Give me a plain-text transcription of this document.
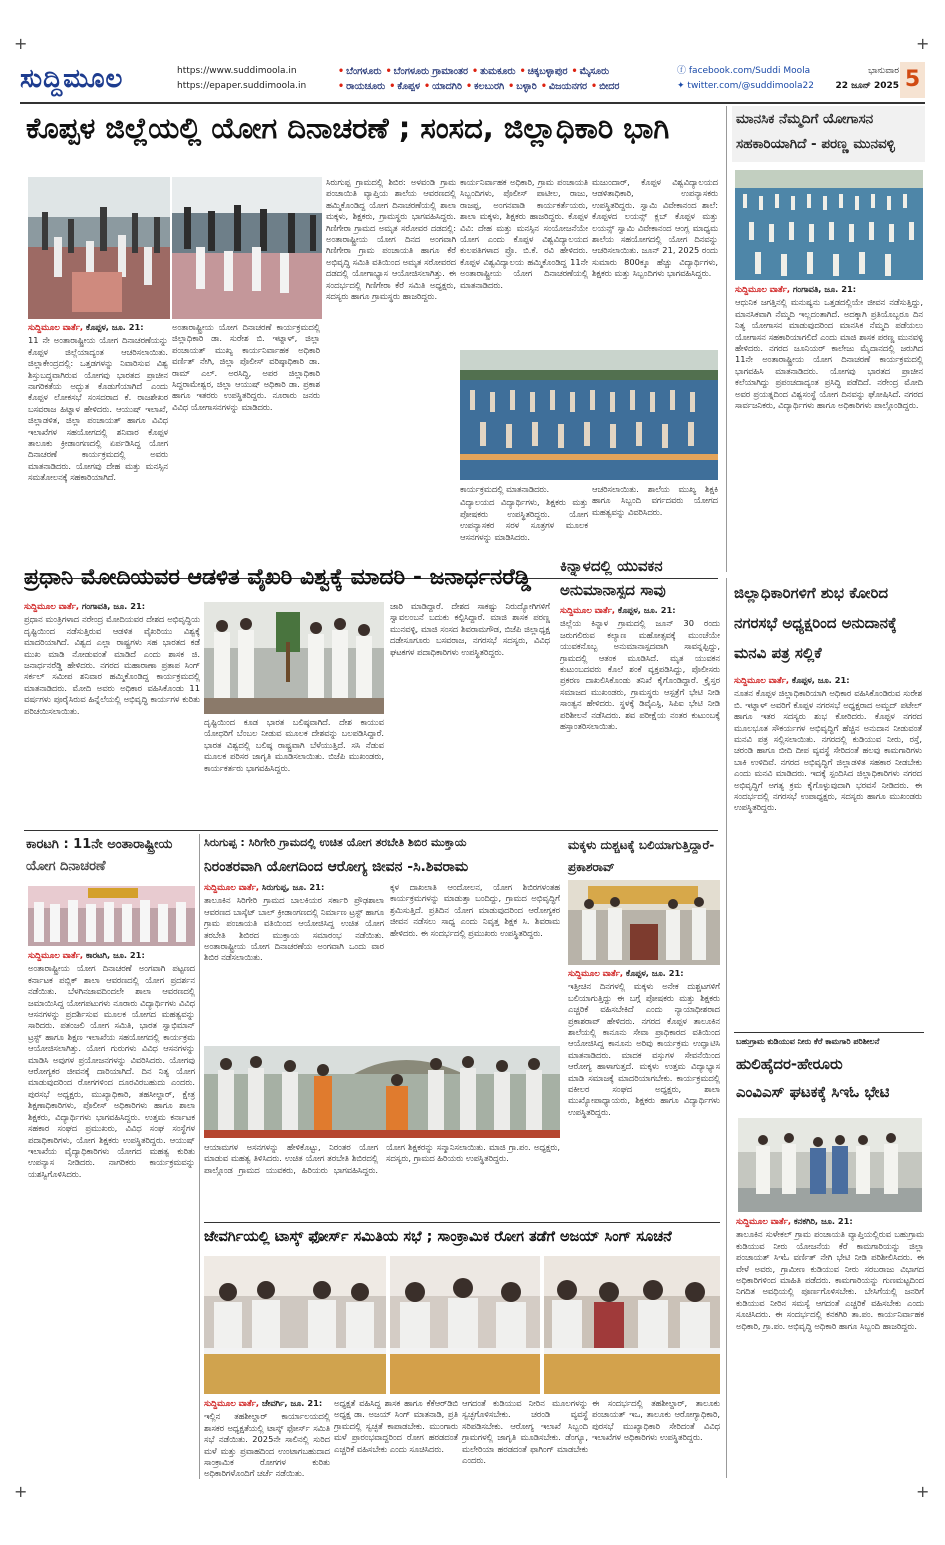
+	+
+	+
ಸುದ್ದಿಮೂಲ	https://www.suddimoola.in
https://epaper.suddimoola.in
• ಬೆಂಗಳೂರು • ಬೆಂಗಳೂರು ಗ್ರಾಮಾಂತರ • ತುಮಕೂರು • ಚಿಕ್ಕಬಳ್ಳಾಪುರ • ಮೈಸೂರು
• ರಾಯಚೂರು • ಕೊಪ್ಪಳ • ಯಾದಗಿರಿ • ಕಲಬುರಗಿ • ಬಳ್ಳಾರಿ • ವಿಜಯನಗರ • ಬೀದರ
ⓕ facebook.com/Suddi Moola
✦ twitter.com/@suddimoola22
ಭಾನುವಾರ
22 ಜೂನ್ 2025 5
ಕೊಪ್ಪಳ ಜಿಲ್ಲೆಯಲ್ಲಿ ಯೋಗ ದಿನಾಚರಣೆ ; ಸಂಸದ, ಜಿಲ್ಲಾಧಿಕಾರಿ ಭಾಗಿ

ಸುದ್ದಿಮೂಲ ವಾರ್ತೆ, ಕೊಪ್ಪಳ, ಜೂ. 21:

11 ನೇ ಅಂತಾರಾಷ್ಟ್ರೀಯ ಯೋಗ ದಿನಾಚರಣೆಯನ್ನು ಕೊಪ್ಪಳ ಜಿಲ್ಲೆಯಾದ್ಯಂತ ಆಚರಿಸಲಾಯಿತು. ಜಿಲ್ಲಾಕೇಂದ್ರದಲ್ಲಿ: ಒತ್ತಡಗಳನ್ನು ನಿವಾರಿಸುವ ವಿಶ್ವ ಶಿಸ್ತುಬದ್ಧವಾಗಿರುವ ಯೋಗವು ಭಾರತದ ಪ್ರಾಚೀನ ನಾಗರಿಕತೆಯ ಅದ್ಭುತ ಕೊಡುಗೆಯಾಗಿದೆ ಎಂದು ಕೊಪ್ಪಳ ಲೋಕಸಭೆ ಸಂಸದರಾದ ಕೆ. ರಾಜಶೇಖರ ಬಸವರಾಜ ಹಿಟ್ನಾಳ ಹೇಳಿದರು. ಆಯುಷ್ ಇಲಾಖೆ, ಜಿಲ್ಲಾಡಳಿತ, ಜಿಲ್ಲಾ ಪಂಚಾಯತ್ ಹಾಗೂ ವಿವಿಧ ಇಲಾಖೆಗಳ ಸಹಯೋಗದಲ್ಲಿ ಶನಿವಾರ ಕೊಪ್ಪಳ ತಾಲೂಕು ಕ್ರೀಡಾಂಗಣದಲ್ಲಿ ಏರ್ಪಡಿಸಿದ್ದ ಯೋಗ ದಿನಾಚರಣೆ ಕಾರ್ಯಕ್ರಮದಲ್ಲಿ ಅವರು ಮಾತನಾಡಿದರು. ಯೋಗವು ದೇಹ ಮತ್ತು ಮನಸ್ಸಿನ ಸಮತೋಲನಕ್ಕೆ ಸಹಕಾರಿಯಾಗಿದೆ.

ಅಂತಾರಾಷ್ಟ್ರೀಯ ಯೋಗ ದಿನಾಚರಣೆ ಕಾರ್ಯಕ್ರಮದಲ್ಲಿ ಜಿಲ್ಲಾಧಿಕಾರಿ ಡಾ. ಸುರೇಶ ಬಿ. ಇಟ್ನಾಳ್, ಜಿಲ್ಲಾ ಪಂಚಾಯತ್ ಮುಖ್ಯ ಕಾರ್ಯನಿರ್ವಾಹಕ ಅಧಿಕಾರಿ ವರ್ಣಿತ್ ನೇಗಿ, ಜಿಲ್ಲಾ ಪೊಲೀಸ್ ವರಿಷ್ಠಾಧಿಕಾರಿ ಡಾ. ರಾಮ್ ಎಲ್. ಅರಸಿದ್ಧಿ, ಅಪರ ಜಿಲ್ಲಾಧಿಕಾರಿ ಸಿದ್ದರಾಮೇಶ್ವರ, ಜಿಲ್ಲಾ ಆಯುಷ್ ಅಧಿಕಾರಿ ಡಾ. ಪ್ರಕಾಶ ಹಾಗೂ ಇತರರು ಉಪಸ್ಥಿತರಿದ್ದರು. ನೂರಾರು ಜನರು ವಿವಿಧ ಯೋಗಾಸನಗಳನ್ನು ಮಾಡಿದರು.

ಸಿರುಗುಪ್ಪ ಗ್ರಾಮದಲ್ಲಿ ಶಿಬಿರ: ಅಳವಂಡಿ ಗ್ರಾಮ ಪಂಚಾಯಿತಿ ವ್ಯಾಪ್ತಿಯ ಶಾಲೆಯ ಆವರಣದಲ್ಲಿ ಹಮ್ಮಿಕೊಂಡಿದ್ದ ಯೋಗ ದಿನಾಚರಣೆಯಲ್ಲಿ ಶಾಲಾ ಮಕ್ಕಳು, ಶಿಕ್ಷಕರು, ಗ್ರಾಮಸ್ಥರು ಭಾಗವಹಿಸಿದ್ದರು. ಗಿಣಿಗೇರಾ ಗ್ರಾಮದ ಅಮೃತ ಸರೋವರ ದಡದಲ್ಲಿ: ಅಂತಾರಾಷ್ಟ್ರೀಯ ಯೋಗ ದಿನದ ಅಂಗವಾಗಿ ಗಿಣಿಗೇರಾ ಗ್ರಾಮ ಪಂಚಾಯತಿ ಹಾಗೂ ಕೆರೆ ಅಭಿವೃದ್ಧಿ ಸಮಿತಿ ವತಿಯಿಂದ ಅಮೃತ ಸರೋವರದ ದಡದಲ್ಲಿ ಯೋಗಾಭ್ಯಾಸ ಆಯೋಜಿಸಲಾಗಿತ್ತು. ಈ ಸಂದರ್ಭದಲ್ಲಿ ಗಿಣಿಗೇರಾ ಕೆರೆ ಸಮಿತಿ ಅಧ್ಯಕ್ಷರು, ಸದಸ್ಯರು ಹಾಗೂ ಗ್ರಾಮಸ್ಥರು ಹಾಜರಿದ್ದರು.

ಕಾರ್ಯನಿರ್ವಾಹಕ ಅಧಿಕಾರಿ, ಗ್ರಾಮ ಪಂಚಾಯತಿ ಸಿಬ್ಬಂದಿಗಳು, ಪೊಲೀಸ್ ಪಾಟೀಲ, ರಾಜು, ರಾಜಪ್ಪ, ಅಂಗನವಾಡಿ ಕಾರ್ಯಕರ್ತೆಯರು, ಶಾಲಾ ಮಕ್ಕಳು, ಶಿಕ್ಷಕರು ಹಾಜರಿದ್ದರು. ಕೊಪ್ಪಳ ವಿವಿ: ದೇಹ ಮತ್ತು ಮನಸ್ಸಿನ ಸಂಯೋಜನೆಯೇ ಯೋಗ ಎಂದು ಕೊಪ್ಪಳ ವಿಶ್ವವಿದ್ಯಾಲಯದ ಕುಲಪತಿಗಳಾದ ಪ್ರೊ. ಬಿ.ಕೆ. ರವಿ ಹೇಳಿದರು. ಕೊಪ್ಪಳ ವಿಶ್ವವಿದ್ಯಾಲಯ ಹಮ್ಮಿಕೊಂಡಿದ್ದ 11ನೇ ಅಂತಾರಾಷ್ಟ್ರೀಯ ಯೋಗ ದಿನಾಚರಣೆಯಲ್ಲಿ ಮಾತನಾಡಿದರು.

ಮಜುಂದಾರ್, ಕೊಪ್ಪಳ ವಿಶ್ವವಿದ್ಯಾಲಯದ ಆಡಳಿತಾಧಿಕಾರಿ, ಉಪನ್ಯಾಸಕರು ಉಪಸ್ಥಿತರಿದ್ದರು. ಸ್ವಾಮಿ ವಿವೇಕಾನಂದ ಶಾಲೆ: ಕೊಪ್ಪಳದ ಲಯನ್ಸ್ ಕ್ಲಬ್ ಕೊಪ್ಪಳ ಮತ್ತು ಲಯನ್ಸ್ ಸ್ವಾಮಿ ವಿವೇಕಾನಂದ ಆಂಗ್ಲ ಮಾಧ್ಯಮ ಶಾಲೆಯ ಸಹಯೋಗದಲ್ಲಿ ಯೋಗ ದಿನವನ್ನು ಆಚರಿಸಲಾಯಿತು. ಜೂನ್ 21, 2025 ರಂದು ಸುಮಾರು 800ಕ್ಕೂ ಹೆಚ್ಚು ವಿದ್ಯಾರ್ಥಿಗಳು, ಶಿಕ್ಷಕರು ಮತ್ತು ಸಿಬ್ಬಂದಿಗಳು ಭಾಗವಹಿಸಿದ್ದರು.

ಕಾರ್ಯಕ್ರಮದಲ್ಲಿ ಮಾತನಾಡಿದರು.

ವಿದ್ಯಾಲಯದ ವಿದ್ಯಾರ್ಥಿಗಳು, ಶಿಕ್ಷಕರು ಮತ್ತು ಪೋಷಕರು ಉಪಸ್ಥಿತರಿದ್ದರು. ಯೋಗ ಉಪನ್ಯಾಸಕರ ಸರಳ ಸೂತ್ರಗಳ ಮೂಲಕ ಆಸನಗಳನ್ನು ಮಾಡಿಸಿದರು.

ಆಚರಿಸಲಾಯಿತು. ಶಾಲೆಯ ಮುಖ್ಯ ಶಿಕ್ಷಕಿ ಹಾಗೂ ಸಿಬ್ಬಂದಿ ವರ್ಗದವರು ಯೋಗದ ಮಹತ್ವವನ್ನು ವಿವರಿಸಿದರು.

ಮಾನಸಿಕ ನೆಮ್ಮದಿಗೆ ಯೋಗಾಸನ ಸಹಕಾರಿಯಾಗಿದೆ - ಪರಣ್ಣ ಮುನವಳ್ಳಿ

ಸುದ್ದಿಮೂಲ ವಾರ್ತೆ, ಗಂಗಾವತಿ, ಜೂ. 21:

ಆಧುನಿಕ ಜಗತ್ತಿನಲ್ಲಿ ಮನುಷ್ಯನು ಒತ್ತಡದಲ್ಲಿಯೇ ಜೀವನ ನಡೆಸುತ್ತಿದ್ದು, ಮಾನಸಿಕವಾಗಿ ನೆಮ್ಮದಿ ಇಲ್ಲದಂತಾಗಿದೆ. ಅದಕ್ಕಾಗಿ ಪ್ರತಿಯೊಬ್ಬರೂ ದಿನ ನಿತ್ಯ ಯೋಗಾಸನ ಮಾಡುವುದರಿಂದ ಮಾನಸಿಕ ನೆಮ್ಮದಿ ಪಡೆಯಲು ಯೋಗಾಸನ ಸಹಕಾರಿಯಾಗಲಿದೆ ಎಂದು ಮಾಜಿ ಶಾಸಕ ಪರಣ್ಣ ಮುನವಳ್ಳಿ ಹೇಳಿದರು. ನಗರದ ಜೂನಿಯರ್ ಕಾಲೇಜು ಮೈದಾನದಲ್ಲಿ ಜರುಗಿದ 11ನೇ ಅಂತಾರಾಷ್ಟ್ರೀಯ ಯೋಗ ದಿನಾಚರಣೆ ಕಾರ್ಯಕ್ರಮದಲ್ಲಿ ಭಾಗವಹಿಸಿ ಮಾತನಾಡಿದರು. ಯೋಗವು ಭಾರತದ ಪ್ರಾಚೀನ ಕಲೆಯಾಗಿದ್ದು ಪ್ರಪಂಚದಾದ್ಯಂತ ಪ್ರಸಿದ್ಧಿ ಪಡೆದಿದೆ. ನರೇಂದ್ರ ಮೋದಿ ಅವರ ಪ್ರಯತ್ನದಿಂದ ವಿಶ್ವಸಂಸ್ಥೆ ಯೋಗ ದಿನವನ್ನು ಘೋಷಿಸಿದೆ. ನಗರದ ಸಾರ್ವಜನಿಕರು, ವಿದ್ಯಾರ್ಥಿಗಳು ಹಾಗೂ ಅಧಿಕಾರಿಗಳು ಪಾಲ್ಗೊಂಡಿದ್ದರು.

ಪ್ರಧಾನಿ ಮೋದಿಯವರ ಆಡಳಿತ ವೈಖರಿ ವಿಶ್ವಕ್ಕೆ ಮಾದರಿ - ಜನಾರ್ಧನರೆಡ್ಡಿ

ಸುದ್ದಿಮೂಲ ವಾರ್ತೆ, ಗಂಗಾವತಿ, ಜೂ. 21:

ಪ್ರಧಾನ ಮಂತ್ರಿಗಳಾದ ನರೇಂದ್ರ ಮೋದಿಯವರ ದೇಶದ ಅಭಿವೃದ್ಧಿಯ ದೃಷ್ಟಿಯಿಂದ ನಡೆಸುತ್ತಿರುವ ಆಡಳಿತ ವೈಖರಿಯು ವಿಶ್ವಕ್ಕೆ ಮಾದರಿಯಾಗಿದೆ. ವಿಶ್ವದ ಎಲ್ಲಾ ರಾಷ್ಟ್ರಗಳು ಸಹ ಭಾರತದ ಕಡೆ ಮುಖ ಮಾಡಿ ನೋಡುವಂತೆ ಮಾಡಿದೆ ಎಂದು ಶಾಸಕ ಜಿ. ಜನಾರ್ಧನರೆಡ್ಡಿ ಹೇಳಿದರು. ನಗರದ ಮಹಾರಾಣಾ ಪ್ರತಾಪ ಸಿಂಗ್ ಸರ್ಕಲ್ ಸಮೀಪ ಶನಿವಾರ ಹಮ್ಮಿಕೊಂಡಿದ್ದ ಕಾರ್ಯಕ್ರಮದಲ್ಲಿ ಮಾತನಾಡಿದರು. ಮೋದಿ ಅವರು ಅಧಿಕಾರ ವಹಿಸಿಕೊಂಡು 11 ವರ್ಷಗಳು ಪೂರೈಸಿರುವ ಹಿನ್ನೆಲೆಯಲ್ಲಿ ಅಭಿವೃದ್ಧಿ ಕಾರ್ಯಗಳ ಕುರಿತು ಪರಿಚಯಿಸಲಾಯಿತು.

ದೃಷ್ಟಿಯಿಂದ ಕೂಡ ಭಾರತ ಬಲಿಷ್ಠವಾಗಿದೆ. ದೇಶ ಕಾಯುವ ಯೋಧರಿಗೆ ಬೆಂಬಲ ನೀಡುವ ಮೂಲಕ ದೇಶವನ್ನು ಬಲಪಡಿಸಿದ್ದಾರೆ. ಭಾರತ ವಿಶ್ವದಲ್ಲಿ ಬಲಿಷ್ಠ ರಾಷ್ಟ್ರವಾಗಿ ಬೆಳೆಯುತ್ತಿದೆ. ಸಸಿ ನೆಡುವ ಮೂಲಕ ಪರಿಸರ ಜಾಗೃತಿ ಮೂಡಿಸಲಾಯಿತು. ಬಿಜೆಪಿ ಮುಖಂಡರು, ಕಾರ್ಯಕರ್ತರು ಭಾಗವಹಿಸಿದ್ದರು.

ಜಾರಿ ಮಾಡಿದ್ದಾರೆ. ದೇಶದ ಸಾಕಷ್ಟು ನಿರುದ್ಯೋಗಿಗಳಿಗೆ ಸ್ವಾವಲಂಬನೆ ಬದುಕು ಕಲ್ಪಿಸಿದ್ದಾರೆ. ಮಾಜಿ ಶಾಸಕ ಪರಣ್ಣ ಮುನವಳ್ಳಿ, ಮಾಜಿ ಸಂಸದ ಶಿವರಾಮಗೌಡ, ಬಿಜೆಪಿ ಜಿಲ್ಲಾಧ್ಯಕ್ಷ ದಡೇಸೂಗೂರು ಬಸವರಾಜ, ನಗರಸಭೆ ಸದಸ್ಯರು, ವಿವಿಧ ಘಟಕಗಳ ಪದಾಧಿಕಾರಿಗಳು ಉಪಸ್ಥಿತರಿದ್ದರು.

ಕಿನ್ನಾಳದಲ್ಲಿ ಯುವಕನ ಅನುಮಾನಾಸ್ಪದ ಸಾವು

ಸುದ್ದಿಮೂಲ ವಾರ್ತೆ, ಕೊಪ್ಪಳ, ಜೂ. 21:

ಜಿಲ್ಲೆಯ ಕಿನ್ನಾಳ ಗ್ರಾಮದಲ್ಲಿ ಜೂನ್ 30 ರಂದು ಜರುಗಲಿರುವ ಕಲ್ಯಾಣ ಮಹೋತ್ಸವಕ್ಕೆ ಮುಂಚೆಯೇ ಯುವಕನೊಬ್ಬ ಅನುಮಾನಾಸ್ಪದವಾಗಿ ಸಾವನ್ನಪ್ಪಿದ್ದು, ಗ್ರಾಮದಲ್ಲಿ ಆತಂಕ ಮೂಡಿಸಿದೆ. ಮೃತ ಯುವಕನ ಕುಟುಂಬದವರು ಕೊಲೆ ಶಂಕೆ ವ್ಯಕ್ತಪಡಿಸಿದ್ದು, ಪೊಲೀಸರು ಪ್ರಕರಣ ದಾಖಲಿಸಿಕೊಂಡು ತನಿಖೆ ಕೈಗೊಂಡಿದ್ದಾರೆ. ಕ್ರೈಸ್ತರ ಸಮಾಜದ ಮುಖಂಡರು, ಗ್ರಾಮಸ್ಥರು ಆಸ್ಪತ್ರೆಗೆ ಭೇಟಿ ನೀಡಿ ಸಾಂತ್ವನ ಹೇಳಿದರು. ಸ್ಥಳಕ್ಕೆ ಡಿವೈಎಸ್ಪಿ, ಸಿಪಿಐ ಭೇಟಿ ನೀಡಿ ಪರಿಶೀಲನೆ ನಡೆಸಿದರು. ಶವ ಪರೀಕ್ಷೆಯ ನಂತರ ಕುಟುಂಬಕ್ಕೆ ಹಸ್ತಾಂತರಿಸಲಾಯಿತು.

ಜಿಲ್ಲಾಧಿಕಾರಿಗಳಿಗೆ ಶುಭ ಕೋರಿದ ನಗರಸಭೆ ಅಧ್ಯಕ್ಷರಿಂದ ಅನುದಾನಕ್ಕೆ ಮನವಿ ಪತ್ರ ಸಲ್ಲಿಕೆ

ಸುದ್ದಿಮೂಲ ವಾರ್ತೆ, ಕೊಪ್ಪಳ, ಜೂ. 21:

ನೂತನ ಕೊಪ್ಪಳ ಜಿಲ್ಲಾಧಿಕಾರಿಯಾಗಿ ಅಧಿಕಾರ ವಹಿಸಿಕೊಂಡಿರುವ ಸುರೇಶ ಬಿ. ಇಟ್ನಾಳ್ ಅವರಿಗೆ ಕೊಪ್ಪಳ ನಗರಸಭೆ ಅಧ್ಯಕ್ಷರಾದ ಅಮ್ಜದ್ ಪಟೇಲ್ ಹಾಗೂ ಇತರ ಸದಸ್ಯರು ಶುಭ ಕೋರಿದರು. ಕೊಪ್ಪಳ ನಗರದ ಮೂಲಭೂತ ಸೌಕರ್ಯಗಳ ಅಭಿವೃದ್ಧಿಗೆ ಹೆಚ್ಚಿನ ಅನುದಾನ ನೀಡುವಂತೆ ಮನವಿ ಪತ್ರ ಸಲ್ಲಿಸಲಾಯಿತು. ನಗರದಲ್ಲಿ ಕುಡಿಯುವ ನೀರು, ರಸ್ತೆ, ಚರಂಡಿ ಹಾಗೂ ಬೀದಿ ದೀಪ ವ್ಯವಸ್ಥೆ ಸೇರಿದಂತೆ ಹಲವು ಕಾಮಗಾರಿಗಳು ಬಾಕಿ ಉಳಿದಿವೆ. ನಗರದ ಅಭಿವೃದ್ಧಿಗೆ ಜಿಲ್ಲಾಡಳಿತ ಸಹಕಾರ ನೀಡಬೇಕು ಎಂದು ಮನವಿ ಮಾಡಿದರು. ಇದಕ್ಕೆ ಸ್ಪಂದಿಸಿದ ಜಿಲ್ಲಾಧಿಕಾರಿಗಳು ನಗರದ ಅಭಿವೃದ್ಧಿಗೆ ಅಗತ್ಯ ಕ್ರಮ ಕೈಗೊಳ್ಳುವುದಾಗಿ ಭರವಸೆ ನೀಡಿದರು. ಈ ಸಂದರ್ಭದಲ್ಲಿ ನಗರಸಭೆ ಉಪಾಧ್ಯಕ್ಷರು, ಸದಸ್ಯರು ಹಾಗೂ ಮುಖಂಡರು ಉಪಸ್ಥಿತರಿದ್ದರು.

ಕಾರಟಗಿ : 11ನೇ ಅಂತಾರಾಷ್ಟ್ರೀಯ
ಯೋಗ ದಿನಾಚರಣೆ

ಸುದ್ದಿಮೂಲ ವಾರ್ತೆ, ಕಾರಟಗಿ, ಜೂ. 21:

ಅಂತಾರಾಷ್ಟ್ರೀಯ ಯೋಗ ದಿನಾಚರಣೆ ಅಂಗವಾಗಿ ಪಟ್ಟಣದ ಕರ್ನಾಟಕ ಪಬ್ಲಿಕ್ ಶಾಲಾ ಆವರಣದಲ್ಲಿ ಯೋಗ ಪ್ರದರ್ಶನ ನಡೆಯಿತು. ಬೆಳಗಿನಜಾವದಿಂದಲೇ ಶಾಲಾ ಆವರಣದಲ್ಲಿ ಜಮಾಯಿಸಿದ್ದ ಯೋಗಪಟುಗಳು ನೂರಾರು ವಿದ್ಯಾರ್ಥಿಗಳು ವಿವಿಧ ಆಸನಗಳನ್ನು ಪ್ರದರ್ಶಿಸುವ ಮೂಲಕ ಯೋಗದ ಮಹತ್ವವನ್ನು ಸಾರಿದರು. ಪತಂಜಲಿ ಯೋಗ ಸಮಿತಿ, ಭಾರತ ಸ್ವಾಭಿಮಾನ್ ಟ್ರಸ್ಟ್ ಹಾಗೂ ಶಿಕ್ಷಣ ಇಲಾಖೆಯ ಸಹಯೋಗದಲ್ಲಿ ಕಾರ್ಯಕ್ರಮ ಆಯೋಜಿಸಲಾಗಿತ್ತು. ಯೋಗ ಗುರುಗಳು ವಿವಿಧ ಆಸನಗಳನ್ನು ಮಾಡಿಸಿ ಅವುಗಳ ಪ್ರಯೋಜನಗಳನ್ನು ವಿವರಿಸಿದರು. ಯೋಗವು ಆರೋಗ್ಯಕರ ಜೀವನಕ್ಕೆ ದಾರಿಯಾಗಿದೆ. ದಿನ ನಿತ್ಯ ಯೋಗ ಮಾಡುವುದರಿಂದ ರೋಗಗಳಿಂದ ದೂರವಿರಬಹುದು ಎಂದರು. ಪುರಸಭೆ ಅಧ್ಯಕ್ಷರು, ಮುಖ್ಯಾಧಿಕಾರಿ, ತಹಸೀಲ್ದಾರ್, ಕ್ಷೇತ್ರ ಶಿಕ್ಷಣಾಧಿಕಾರಿಗಳು, ಪೊಲೀಸ್ ಅಧಿಕಾರಿಗಳು ಹಾಗೂ ಶಾಲಾ ಶಿಕ್ಷಕರು, ವಿದ್ಯಾರ್ಥಿಗಳು ಭಾಗವಹಿಸಿದ್ದರು. ಉತ್ತಮ ಕರ್ನಾಟಕ ಸಹಕಾರ ಸಂಘದ ಪ್ರಮುಖರು, ವಿವಿಧ ಸಂಘ ಸಂಸ್ಥೆಗಳ ಪದಾಧಿಕಾರಿಗಳು, ಯೋಗ ಶಿಕ್ಷಕರು ಉಪಸ್ಥಿತರಿದ್ದರು. ಆಯುಷ್ ಇಲಾಖೆಯ ವೈದ್ಯಾಧಿಕಾರಿಗಳು ಯೋಗದ ಮಹತ್ವ ಕುರಿತು ಉಪನ್ಯಾಸ ನೀಡಿದರು. ನಾಗರಿಕರು ಕಾರ್ಯಕ್ರಮವನ್ನು ಯಶಸ್ವಿಗೊಳಿಸಿದರು.

ಸಿರುಗುಪ್ಪ : ಸಿರಿಗೇರಿ ಗ್ರಾಮದಲ್ಲಿ ಉಚಿತ ಯೋಗ ತರಬೇತಿ ಶಿಬಿರ ಮುಕ್ತಾಯ
ನಿರಂತರವಾಗಿ ಯೋಗದಿಂದ ಆರೋಗ್ಯ ಜೀವನ -ಸಿ.ಶಿವರಾಮ

ಸುದ್ದಿಮೂಲ ವಾರ್ತೆ, ಸಿರುಗುಪ್ಪ, ಜೂ. 21:

ತಾಲೂಕಿನ ಸಿರಿಗೇರಿ ಗ್ರಾಮದ ಬಾಲಕಿಯರ ಸರ್ಕಾರಿ ಪ್ರೌಢಶಾಲಾ ಆವರಣದ ಬಾಸ್ಕೆಟ್ ಬಾಲ್ ಕ್ರೀಡಾಂಗಣದಲ್ಲಿ ನಿರ್ಮಾಣ ಟ್ರಸ್ಟ್ ಹಾಗೂ ಗ್ರಾಮ ಪಂಚಾಯತಿ ವತಿಯಿಂದ ಆಯೋಜಿಸಿದ್ದ ಉಚಿತ ಯೋಗ ತರಬೇತಿ ಶಿಬಿರದ ಮುಕ್ತಾಯ ಸಮಾರಂಭ ನಡೆಯಿತು. ಅಂತಾರಾಷ್ಟ್ರೀಯ ಯೋಗ ದಿನಾಚರಣೆಯ ಅಂಗವಾಗಿ ಒಂದು ವಾರ ಶಿಬಿರ ನಡೆಸಲಾಯಿತು.

ಕ್ಕಳ ದಾಖಲಾತಿ ಆಂದೋಲನ, ಯೋಗ ಶಿಬಿರಗಳಂತಹ ಕಾರ್ಯಕ್ರಮಗಳನ್ನು ಮಾಡುತ್ತಾ ಬಂದಿದ್ದು, ಗ್ರಾಮದ ಅಭಿವೃದ್ಧಿಗೆ ಶ್ರಮಿಸುತ್ತಿದೆ. ಪ್ರತಿದಿನ ಯೋಗ ಮಾಡುವುದರಿಂದ ಆರೋಗ್ಯಕರ ಜೀವನ ನಡೆಸಲು ಸಾಧ್ಯ ಎಂದು ನಿವೃತ್ತ ಶಿಕ್ಷಕ ಸಿ. ಶಿವರಾಮ ಹೇಳಿದರು. ಈ ಸಂದರ್ಭದಲ್ಲಿ ಪ್ರಮುಖರು ಉಪಸ್ಥಿತರಿದ್ದರು.

ಆಯಾಮಗಳ ಅಸನಗಳನ್ನು ಹೇಳಿಕೊಟ್ಟು, ನಿರಂತರ ಯೋಗ ಮಾಡುವ ಮಹತ್ವ ತಿಳಿಸಿದರು. ಉಚಿತ ಯೋಗ ತರಬೇತಿ ಶಿಬಿರದಲ್ಲಿ ಪಾಲ್ಗೊಂಡ ಗ್ರಾಮದ ಯುವಕರು, ಹಿರಿಯರು ಭಾಗವಹಿಸಿದ್ದರು. ಯೋಗ ಶಿಕ್ಷಕರನ್ನು ಸನ್ಮಾನಿಸಲಾಯಿತು. ಮಾಜಿ ಗ್ರಾ.ಪಂ. ಅಧ್ಯಕ್ಷರು, ಸದಸ್ಯರು, ಗ್ರಾಮದ ಹಿರಿಯರು ಉಪಸ್ಥಿತರಿದ್ದರು.

ಮಕ್ಕಳು ದುಶ್ಚಟಕ್ಕೆ ಬಲಿಯಾಗುತ್ತಿದ್ದಾರೆ-ಪ್ರಕಾಶರಾವ್

ಸುದ್ದಿಮೂಲ ವಾರ್ತೆ, ಕೊಪ್ಪಳ, ಜೂ. 21:

ಇತ್ತೀಚಿನ ದಿನಗಳಲ್ಲಿ ಮಕ್ಕಳು ಅನೇಕ ದುಶ್ಚಟಗಳಿಗೆ ಬಲಿಯಾಗುತ್ತಿದ್ದು ಈ ಬಗ್ಗೆ ಪೋಷಕರು ಮತ್ತು ಶಿಕ್ಷಕರು ಎಚ್ಚರಿಕೆ ವಹಿಸಬೇಕಿದೆ ಎಂದು ನ್ಯಾಯಾಧೀಶರಾದ ಪ್ರಕಾಶರಾವ್ ಹೇಳಿದರು. ನಗರದ ಕೊಪ್ಪಳ ತಾಲೂಕಿನ ಶಾಲೆಯಲ್ಲಿ ಕಾನೂನು ಸೇವಾ ಪ್ರಾಧಿಕಾರದ ವತಿಯಿಂದ ಆಯೋಜಿಸಿದ್ದ ಕಾನೂನು ಅರಿವು ಕಾರ್ಯಕ್ರಮ ಉದ್ಘಾಟಿಸಿ ಮಾತನಾಡಿದರು. ಮಾದಕ ವಸ್ತುಗಳ ಸೇವನೆಯಿಂದ ಆರೋಗ್ಯ ಹಾಳಾಗುತ್ತದೆ. ಮಕ್ಕಳು ಉತ್ತಮ ವಿದ್ಯಾಭ್ಯಾಸ ಮಾಡಿ ಸಮಾಜಕ್ಕೆ ಮಾದರಿಯಾಗಬೇಕು. ಕಾರ್ಯಕ್ರಮದಲ್ಲಿ ವಕೀಲರ ಸಂಘದ ಅಧ್ಯಕ್ಷರು, ಶಾಲಾ ಮುಖ್ಯೋಪಾಧ್ಯಾಯರು, ಶಿಕ್ಷಕರು ಹಾಗೂ ವಿದ್ಯಾರ್ಥಿಗಳು ಉಪಸ್ಥಿತರಿದ್ದರು.

ಬಹುಗ್ರಾಮ ಕುಡಿಯುವ ನೀರು ಕೆರೆ ಕಾಮಗಾರಿ ಪರಿಶೀಲನೆ
ಹುಲಿಹೈದರ-ಹೇರೂರು
ಎಂವಿಎಸ್ ಘಟಕಕ್ಕೆ ಸಿಇಓ ಭೇಟಿ

ಸುದ್ದಿಮೂಲ ವಾರ್ತೆ, ಕನಕಗಿರಿ, ಜೂ. 21:

ತಾಲೂಕಿನ ಸುಳೇಕಲ್ ಗ್ರಾಮ ಪಂಚಾಯತಿ ವ್ಯಾಪ್ತಿಯಲ್ಲಿರುವ ಬಹುಗ್ರಾಮ ಕುಡಿಯುವ ನೀರು ಯೋಜನೆಯ ಕೆರೆ ಕಾಮಗಾರಿಯನ್ನು ಜಿಲ್ಲಾ ಪಂಚಾಯತ್ ಸಿಇಓ ವರ್ಣಿತ್ ನೇಗಿ ಭೇಟಿ ನೀಡಿ ಪರಿಶೀಲಿಸಿದರು. ಈ ವೇಳೆ ಅವರು, ಗ್ರಾಮೀಣ ಕುಡಿಯುವ ನೀರು ಸರಬರಾಜು ವಿಭಾಗದ ಅಧಿಕಾರಿಗಳಿಂದ ಮಾಹಿತಿ ಪಡೆದರು. ಕಾಮಗಾರಿಯನ್ನು ಗುಣಮಟ್ಟದಿಂದ ನಿಗದಿತ ಅವಧಿಯಲ್ಲಿ ಪೂರ್ಣಗೊಳಿಸಬೇಕು. ಬೇಸಿಗೆಯಲ್ಲಿ ಜನರಿಗೆ ಕುಡಿಯುವ ನೀರಿನ ಸಮಸ್ಯೆ ಆಗದಂತೆ ಎಚ್ಚರಿಕೆ ವಹಿಸಬೇಕು ಎಂದು ಸೂಚಿಸಿದರು. ಈ ಸಂದರ್ಭದಲ್ಲಿ ಕನಕಗಿರಿ ತಾ.ಪಂ. ಕಾರ್ಯನಿರ್ವಾಹಕ ಅಧಿಕಾರಿ, ಗ್ರಾ.ಪಂ. ಅಭಿವೃದ್ಧಿ ಅಧಿಕಾರಿ ಹಾಗೂ ಸಿಬ್ಬಂದಿ ಹಾಜರಿದ್ದರು.

ಜೇವರ್ಗಿಯಲ್ಲಿ ಟಾಸ್ಕ್ ಫೋರ್ಸ್ ಸಮಿತಿಯ ಸಭೆ ; ಸಾಂಕ್ರಾಮಿಕ ರೋಗ ತಡೆಗೆ ಅಜಯ್ ಸಿಂಗ್ ಸೂಚನೆ

ಸುದ್ದಿಮೂಲ ವಾರ್ತೆ, ಜೇವರ್ಗಿ, ಜೂ. 21:

ಇಲ್ಲಿನ ತಹಶೀಲ್ದಾರ್ ಕಾರ್ಯಾಲಯದಲ್ಲಿ ಶಾಸಕರ ಅಧ್ಯಕ್ಷತೆಯಲ್ಲಿ ಟಾಸ್ಕ್ ಫೋರ್ಸ್ ಸಮಿತಿ ಸಭೆ ನಡೆಯಿತು. 2025ನೇ ಸಾಲಿನಲ್ಲಿ ಸುರಿದ ಮಳೆ ಮತ್ತು ಪ್ರವಾಹದಿಂದ ಉಂಟಾಗಬಹುದಾದ ಸಾಂಕ್ರಾಮಿಕ ರೋಗಗಳ ಕುರಿತು ಅಧಿಕಾರಿಗಳೊಂದಿಗೆ ಚರ್ಚೆ ನಡೆಯಿತು.

ಅಧ್ಯಕ್ಷತೆ ವಹಿಸಿದ್ದ ಶಾಸಕ ಹಾಗೂ ಕೆಕೆಆರ್‌ಡಿಬಿ ಅಧ್ಯಕ್ಷ ಡಾ. ಅಜಯ್ ಸಿಂಗ್ ಮಾತನಾಡಿ, ಪ್ರತಿ ಗ್ರಾಮದಲ್ಲಿ ಸ್ವಚ್ಛತೆ ಕಾಪಾಡಬೇಕು. ಮುಂಗಾರು ಮಳೆ ಪ್ರಾರಂಭವಾದ್ದರಿಂದ ರೋಗ ಹರಡದಂತೆ ಎಚ್ಚರಿಕೆ ವಹಿಸಬೇಕು ಎಂದು ಸೂಚಿಸಿದರು.

ಆಗದಂತೆ ಕುಡಿಯುವ ನೀರಿನ ಮೂಲಗಳನ್ನು ಸ್ವಚ್ಛಗೊಳಿಸಬೇಕು. ಚರಂಡಿ ವ್ಯವಸ್ಥೆ ಸರಿಪಡಿಸಬೇಕು. ಆರೋಗ್ಯ ಇಲಾಖೆ ಸಿಬ್ಬಂದಿ ಗ್ರಾಮಗಳಲ್ಲಿ ಜಾಗೃತಿ ಮೂಡಿಸಬೇಕು. ಡೆಂಗ್ಯೂ, ಮಲೇರಿಯಾ ಹರಡದಂತೆ ಫಾಗಿಂಗ್ ಮಾಡಬೇಕು ಎಂದರು.

ಈ ಸಂದರ್ಭದಲ್ಲಿ ತಹಶೀಲ್ದಾರ್, ತಾಲೂಕು ಪಂಚಾಯತ್ ಇಒ, ತಾಲೂಕು ಆರೋಗ್ಯಾಧಿಕಾರಿ, ಪುರಸಭೆ ಮುಖ್ಯಾಧಿಕಾರಿ ಸೇರಿದಂತೆ ವಿವಿಧ ಇಲಾಖೆಗಳ ಅಧಿಕಾರಿಗಳು ಉಪಸ್ಥಿತರಿದ್ದರು.
